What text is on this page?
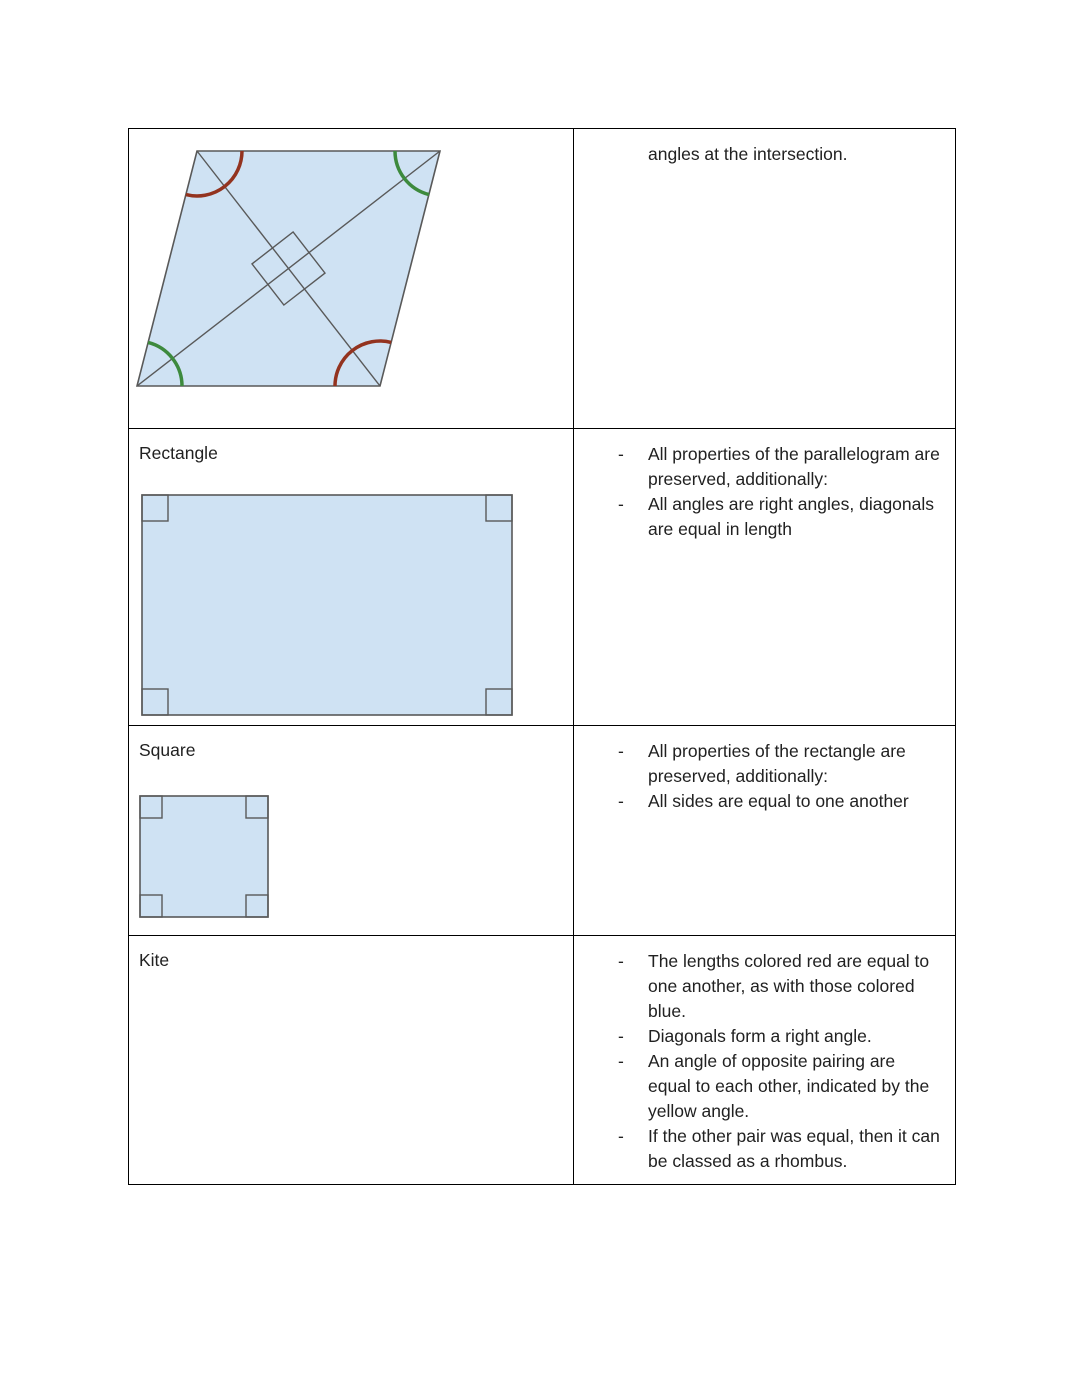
angles at the intersection.
Rectangle	-	All properties of the parallelogram are preserved, additionally:
-	All angles are right angles, diagonals are equal in length
Square	-	All properties of the rectangle are preserved, additionally:
-	All sides are equal to one another
Kite	-	The lengths colored red are equal to one another, as with those colored blue.
-	Diagonals form a right angle.
-	An angle of opposite pairing are equal to each other, indicated by the yellow angle.
-	If the other pair was equal, then it can be classed as a rhombus.
